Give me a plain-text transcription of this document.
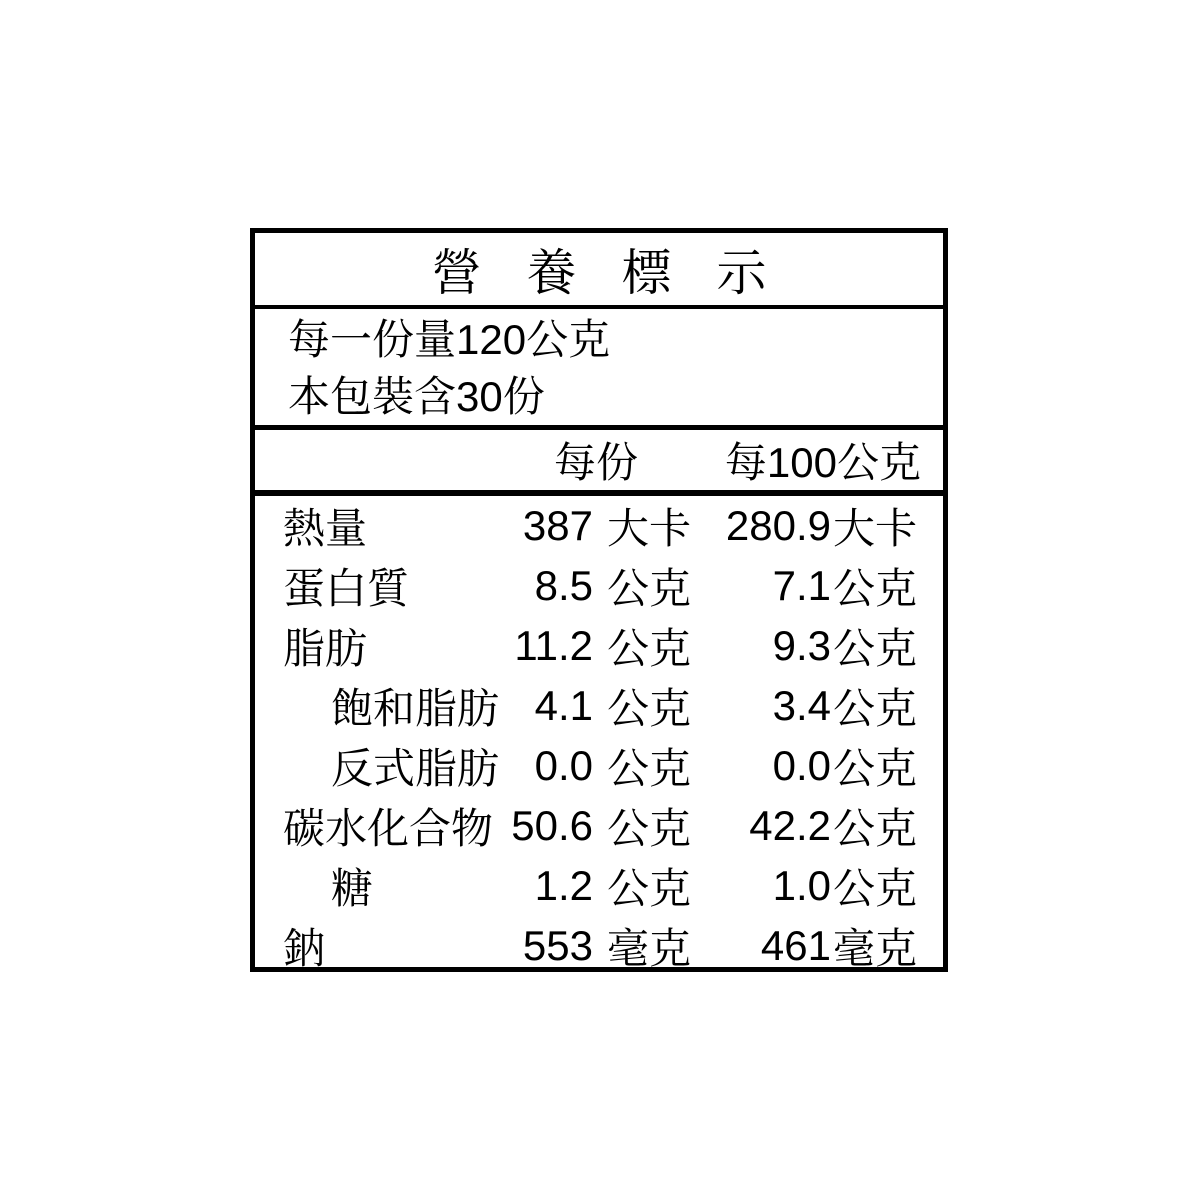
營養標示
每一份量120公克
本包裝含30份
每份	每100公克
熱量	387 大卡 280.9 大卡
蛋白質	8.5 公克	7.1 公克
脂肪	11.2 公克	9.3 公克
飽和脂肪 4.1 公克	3.4 公克
反式脂肪 0.0 公克	0.0 公克
碳水化合物 50.6 公克	42.2 公克
糖	1.2 公克	1.0 公克
鈉	553 毫克	461 毫克
